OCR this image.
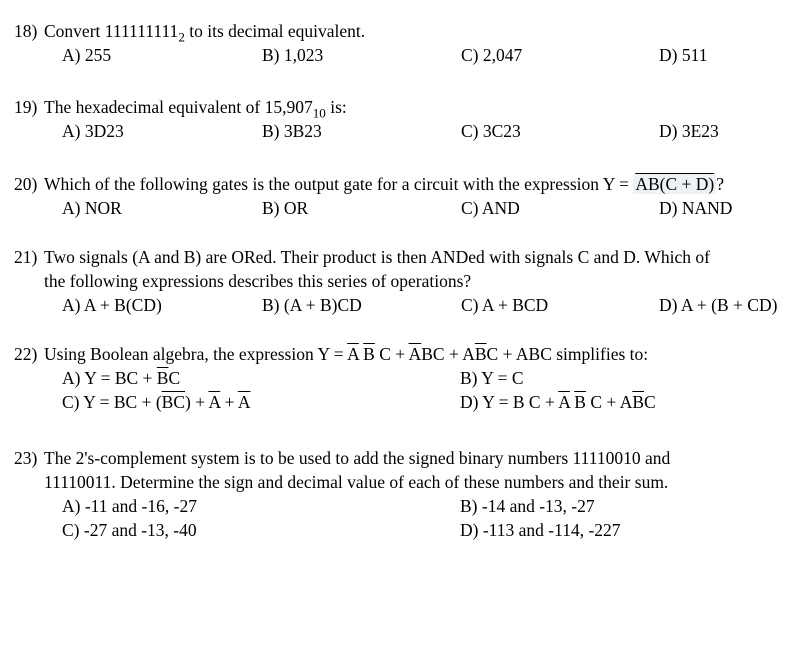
18) Convert $111111111_2$ to its decimal equivalent.
A) 255	B) 1,023	C) 2,047	D) 511
19) The hexadecimal equivalent of $15,907_{10}$ is:
A) 3D23	B) 3B23	C) 3C23	D) 3E23
20) Which of the following gates is the output gate for a circuit with the expression Y = AB(C + D) ?
A) NOR	B) OR	C) AND	D) NAND
21) Two signals (A and B) are ORed. Their product is then ANDed with signals C and D. Which of
the following expressions describes this series of operations?
A) A + B(CD)	B) (A + B)CD	C) A + BCD	D) A + (B + CD)
22) Using Boolean algebra, the expression $Y = \overline{A}$ $\overline{B}$ $C + \overline{A}BC + A\overline{B}C$ + ABC simplifies to:
A) Y = BC + $\overline{B}C$	B) Y = C
C) Y = BC + $(\overline{BC}) + \overline{A} + \overline{A}$	D) Y = B $C + \overline{A}$ $\overline{B}$ $C + A\overline{B}C$
23) The 2's-complement system is to be used to add the signed binary numbers 11110010 and
11110011. Determine the sign and decimal value of each of these numbers and their sum.
A) -11 and -16, -27	B) -14 and -13, -27
C) -27 and -13, -40	D) -113 and -114, -227
